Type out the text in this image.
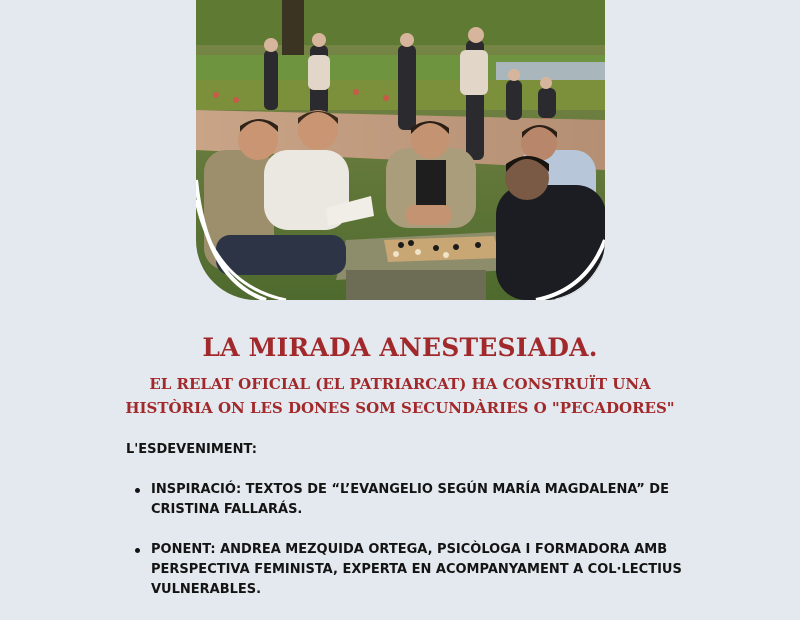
LA MIRADA ANESTESIADA.
EL RELAT OFICIAL (EL PATRIARCAT) HA CONSTRUÏT UNA
HISTÒRIA ON LES DONES SOM SECUNDÀRIES O "PECADORES"
L'ESDEVENIMENT:
INSPIRACIÓ: TEXTOS DE “L’EVANGELIO SEGÚN MARÍA MAGDALENA” DE CRISTINA FALLARÁS.
PONENT: ANDREA MEZQUIDA ORTEGA, PSICÒLOGA I FORMADORA AMB PERSPECTIVA FEMINISTA, EXPERTA EN ACOMPANYAMENT A COL·LECTIUS VULNERABLES.
